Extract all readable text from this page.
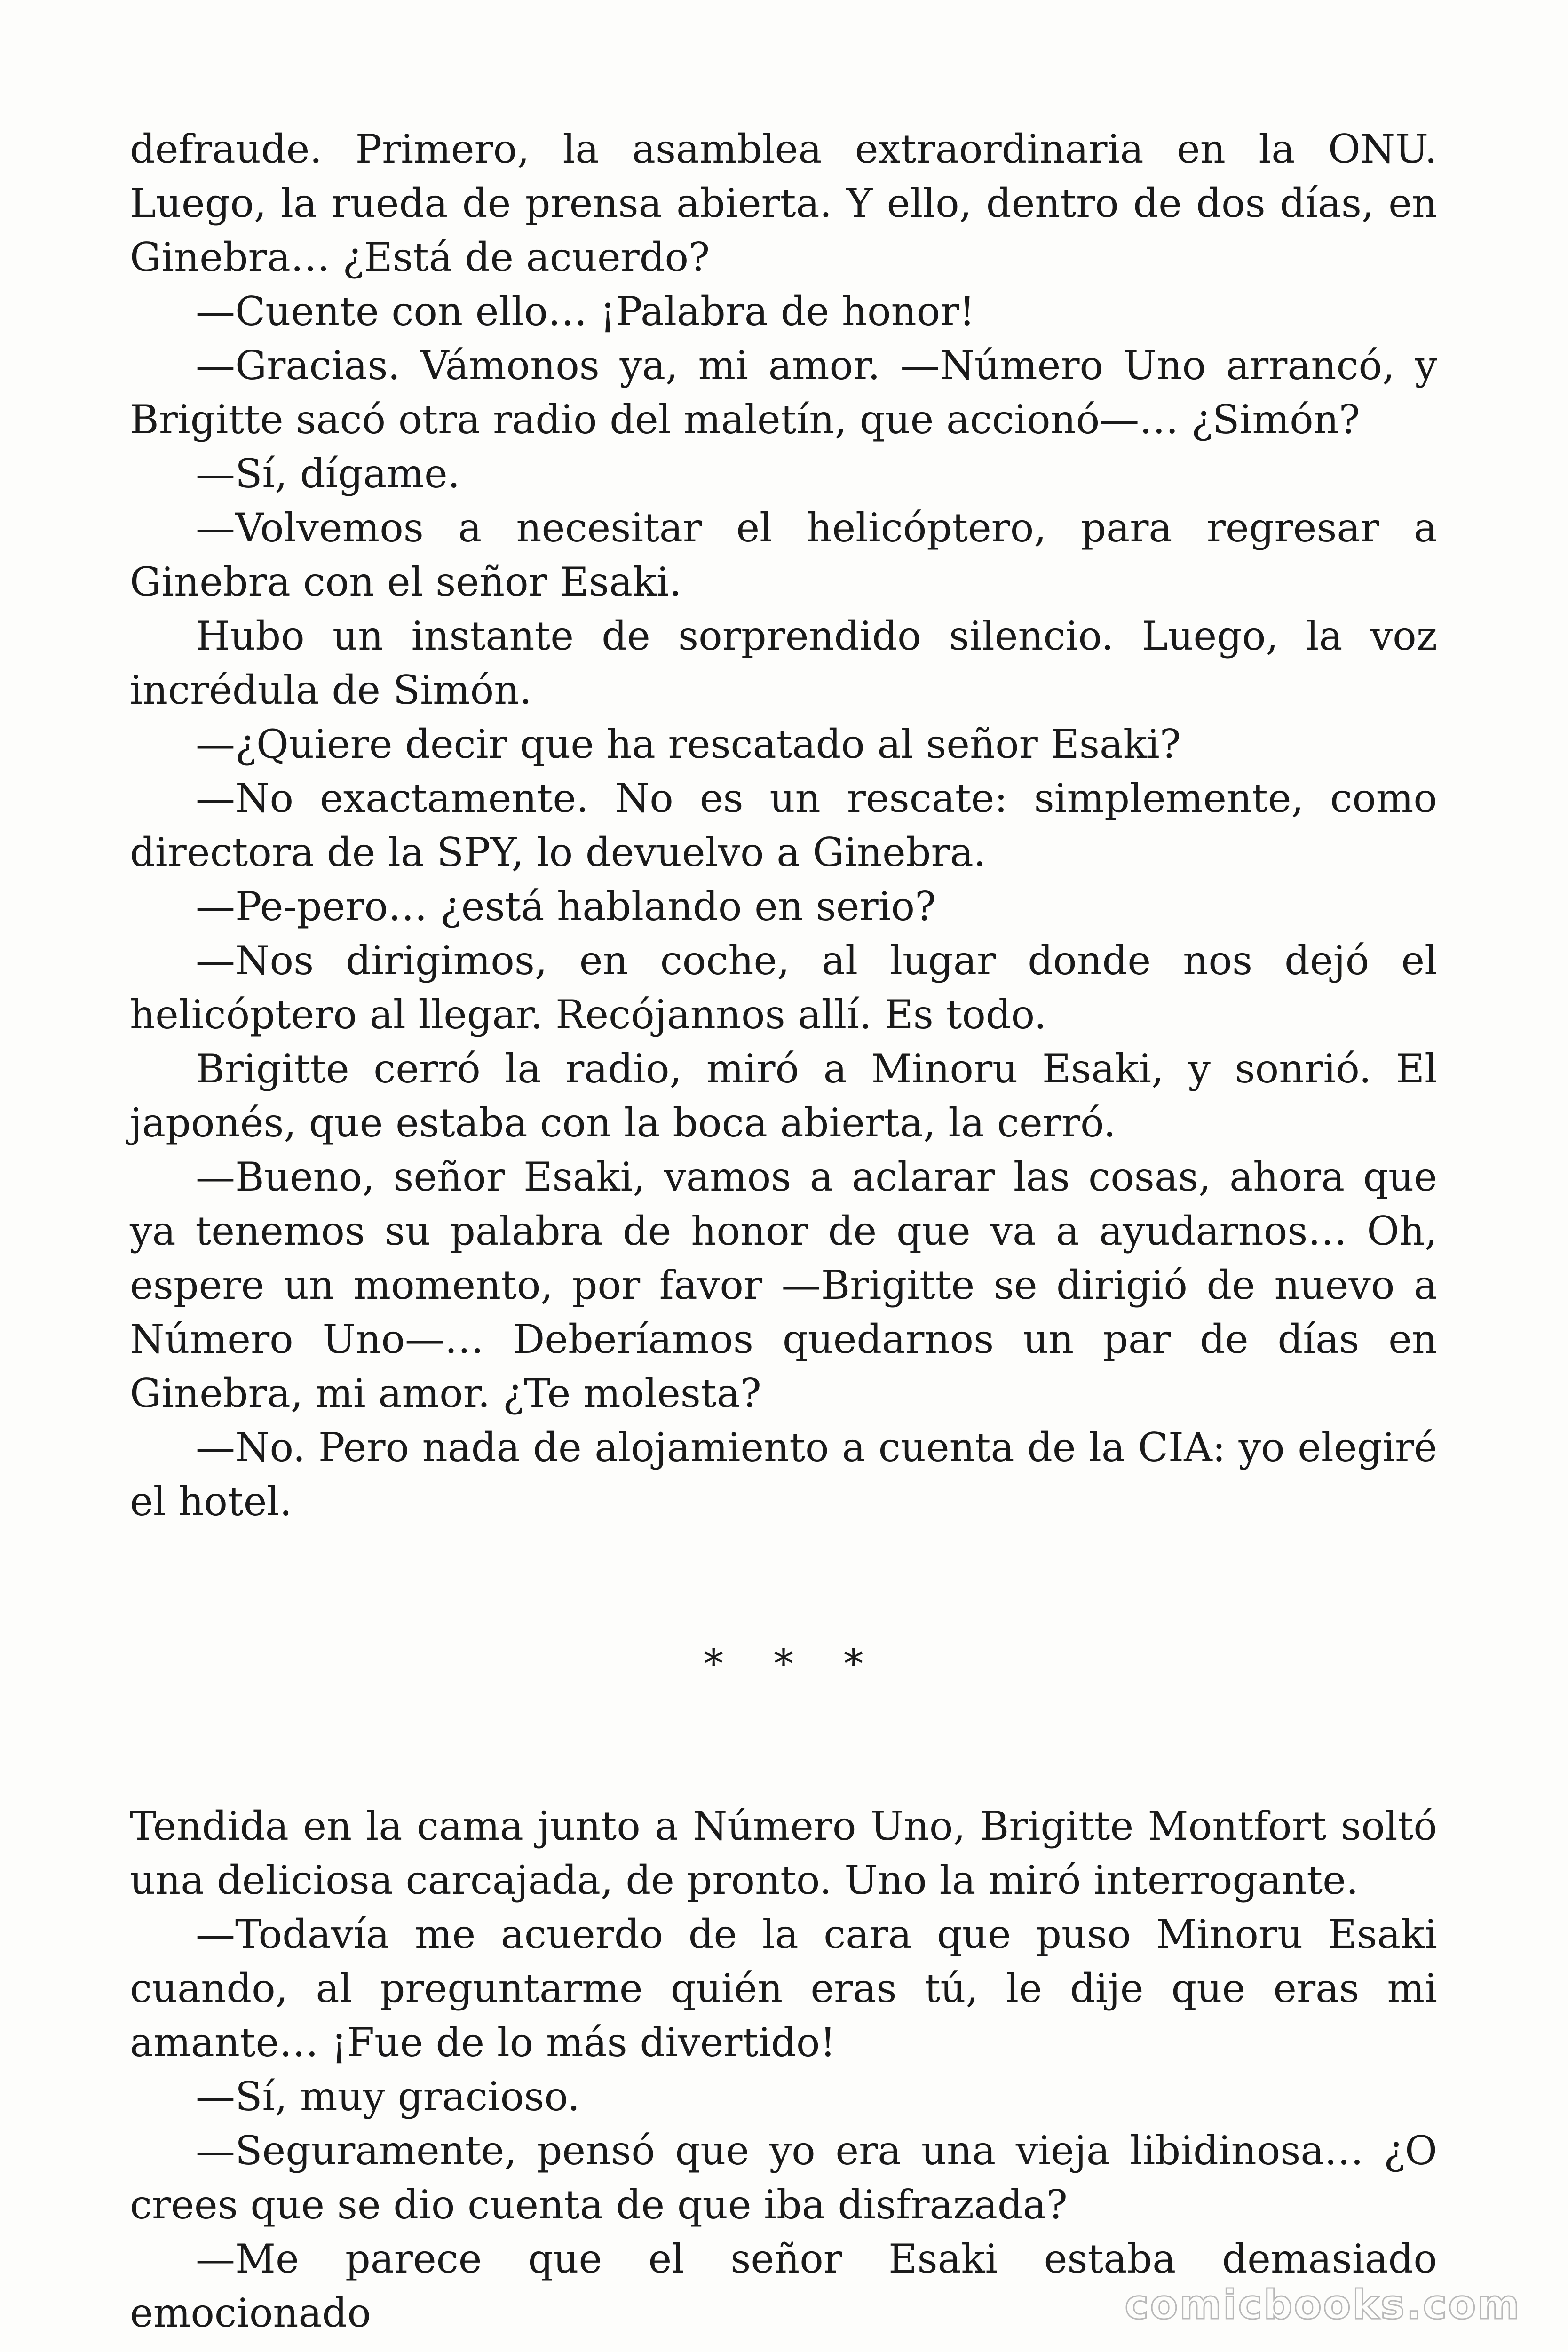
defraude. Primero, la asamblea extraordinaria en la ONU. Luego, la rueda de prensa abierta. Y ello, dentro de dos días, en Ginebra… ¿Está de acuerdo?

—Cuente con ello… ¡Palabra de honor!

—Gracias. Vámonos ya, mi amor. —Número Uno arrancó, y Brigitte sacó otra radio del maletín, que accionó—… ¿Simón?

—Sí, dígame.

—Volvemos a necesitar el helicóptero, para regresar a Ginebra con el señor Esaki.

Hubo un instante de sorprendido silencio. Luego, la voz incrédula de Simón.

—¿Quiere decir que ha rescatado al señor Esaki?

—No exactamente. No es un rescate: simplemente, como directora de la SPY, lo devuelvo a Ginebra.

—Pe-pero… ¿está hablando en serio?

—Nos dirigimos, en coche, al lugar donde nos dejó el helicóptero al llegar. Recójannos allí. Es todo.

Brigitte cerró la radio, miró a Minoru Esaki, y sonrió. El japonés, que estaba con la boca abierta, la cerró.

—Bueno, señor Esaki, vamos a aclarar las cosas, ahora que ya tenemos su palabra de honor de que va a ayudarnos… Oh, espere un momento, por favor —Brigitte se dirigió de nuevo a Número Uno—… Deberíamos quedarnos un par de días en Ginebra, mi amor. ¿Te molesta?

—No. Pero nada de alojamiento a cuenta de la CIA: yo elegiré el hotel.

* * *

Tendida en la cama junto a Número Uno, Brigitte Montfort soltó una deliciosa carcajada, de pronto. Uno la miró interrogante.

—Todavía me acuerdo de la cara que puso Minoru Esaki cuando, al preguntarme quién eras tú, le dije que eras mi amante… ¡Fue de lo más divertido!

—Sí, muy gracioso.

—Seguramente, pensó que yo era una vieja libidinosa… ¿O crees que se dio cuenta de que iba disfrazada?

—Me parece que el señor Esaki estaba demasiado emocionado	comicbooks.com
